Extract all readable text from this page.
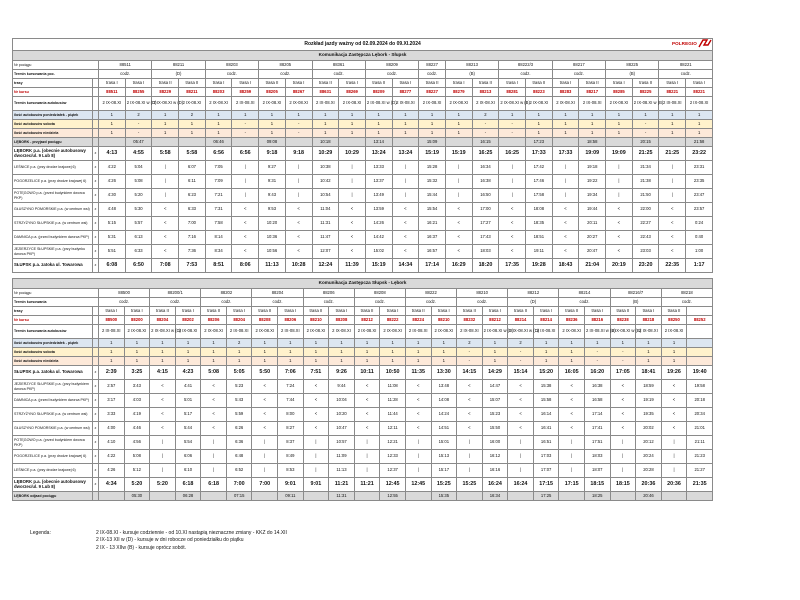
POLREGIO
Rozkład jazdy ważny od 02.09.2024 do 09.XI.2024																								
Komunikacja Zastępcza Lębork - Słupsk																								
Nr pociągu		88511		88211		88203		88205		88361		88209		88227	88213		88222/3		88217		88225		88221	
Termin kursowania poc.		codz.		(D)		codz.		codz.		codz.		codz.		codz.	(B)		codz.		codz.		(B)		codz.	
trasy		trasa I	trasa I	trasa II	trasa II	trasa I	trasa I	trasa II	trasa I	trasa II	trasa I	trasa II	trasa I	trasa II	trasa I	trasa II	trasa I	trasa II	trasa I	trasa II	trasa I	trasa II	trasa I	trasa I
Nr kursu		88511	88255	88229	88211	88203	88259	88205	88267	88631	88269	88209	88277	88227	88279	88213	88281	88223	88283	88217	88285	88225	88221	88221
Termin kursowania autobusów		2 IX-08.XI	2 IX-08.XI w (D)	2 IX-08.XI w (D)	2 IX-08.XI	2 IX-08.XI	2 IX-08.XI	2 IX-08.XI	2 IX-08.XI	2 IX-08.XI	2 IX-08.XI	2 IX-08.XI w (D)	2 IX-08.XI	2 IX-08.XI	2 IX-08.XI	2 IX-08.XI	2 IX-08.XI w (B)	2 IX-08.XI	2 IX-08.XI	2 IX-08.XI	2 IX-08.XI	2 IX-08.XI w (B)	2 IX-08.XI	2 IX-08.XI
ilość autobusów poniedziałek - piątek		1	2	1	2	1	1	1	1	1	1	1	1	1	1	2	1	1	1	1	1	1	1	1
ilość autobusów sobota		1	-	1	1	1	-	1	-	1	1	1	1	1	1	-	-	1	1	1	1	-	1	1
ilość autobusów niedziela		1	-	1	1	1	-	1	-	1	1	1	1	1	1	-	-	1	1	1	1	-	1	1
LĘBORK - przyjazd pociągu			05:47			06:46		09:08		10:18		13:14		15:09		16:15		17:23		18:58		20:15		21:58
LĘBORK p.a. (obecnie autobusowy dworzec/ul. 9 Lub 8)	z	4:13	4:55	5:58	5:58	6:56	6:56	9:18	9:18	10:29	10:29	13:24	13:24	15:19	15:19	16:25	16:25	17:33	17:33	19:09	19:09	21:25	21:25	23:22
LEŚNICE p.a. (przy drodze krajowej 6)	z	4:22	5:04	|	6:07	7:05	|	9:27	|	10:38	|	13:33	|	15:28	|	16:34	|	17:42	|	19:18	|	21:34	|	23:31
POGORZELICE p.a. (przy drodze krajowej 6)	z	4:26	5:08	|	6:11	7:09	|	9:31	|	10:42	|	13:37	|	15:32	|	16:38	|	17:46	|	19:22	|	21:38	|	23:35
POTĘGOWO p.a. (przed budynkiem dworca PKP)	z	4:30	5:20	|	6:23	7:21	|	9:43	|	10:54	|	13:49	|	15:44	|	16:50	|	17:58	|	19:34	|	21:50	|	23:47
GŁUSZYNO POMORSKIE p.a. (w centrum wsi)	z	4:48	5:30	<	6:33	7:31	<	9:53	<	11:04	<	13:59	<	15:54	<	17:00	<	18:08	<	19:44	<	22:00	<	23:57
STRZYŻYNO SŁUPSKIE p.a. (w centrum wsi)	z	5:15	5:57	<	7:00	7:58	<	10:20	<	11:31	<	14:26	<	16:21	<	17:27	<	18:35	<	20:11	<	22:27	<	0:24
DAMNICA p.a. (przed budynkiem dworca PKP)	z	5:31	6:13	<	7:16	8:14	<	10:36	<	11:47	<	14:42	<	16:37	<	17:43	<	18:51	<	20:27	<	22:43	<	0:40
JEZIERZYCE SŁUPSKIE p.a. (przy budynku dworca PKP)	z	5:51	6:33	<	7:36	8:34	<	10:56	<	12:07	<	15:02	<	16:57	<	18:03	<	19:11	<	20:47	<	23:03	<	1:00
SŁUPSK p.a. zatoka ul. Towarowa	z	6:08	6:50	7:08	7:53	8:51	8:06	11:13	10:28	12:24	11:39	15:19	14:34	17:14	16:29	18:20	17:35	19:28	18:43	21:04	20:19	23:20	22:35	1:17
Komunikacja Zastępcza Słupsk - Lębork																									
Nr pociągu		88500		88200/1		88202		88204		88206		88208		88222		88210		88212		88214		88216/7		88218	
Termin kursowania		codz.		codz.		codz.		codz.		codz.		codz.		codz.		codz.		(D)		codz.		(B)		codz.	
trasy		trasa I	trasa I	trasa II	trasa I	trasa II	trasa I	trasa II	trasa I	trasa II	trasa I	trasa II	trasa I	trasa II	trasa I	trasa II	trasa I	trasa II	trasa I	trasa II	trasa I	trasa II	trasa I	trasa II	
Nr kursu		88500	88200	88204	88202	88206	88204	88208	88206	88210	88208	88212	88222	88224	88210	88232	88212	88214	88214	88236	88216	88238	88218	88250	88252
Termin kursowania autobusów		2 IX-08.XI	2 IX-08.XI	2 IX-08.XI w (D)	2 IX-08.XI	2 IX-08.XI	2 IX-08.XI	2 IX-08.XI	2 IX-08.XI	2 IX-08.XI	2 IX-08.XI	2 IX-08.XI	2 IX-08.XI	2 IX-08.XI	2 IX-08.XI	2 IX-08.XI	2 IX-08.XI w (D)	2 IX-08.XI w (D)	2 IX-08.XI	2 IX-08.XI	2 IX-08.XI w (B)	2 IX-08.XI w (B)	2 IX-08.XI	2 IX-08.XI	
ilość autobusów poniedziałek - piątek		1	1	1	1	1	2	1	1	1	1	1	1	1	1	2	1	2	1	1	1	1	1	1	
ilość autobusów sobota		1	1	1	1	1	1	1	1	1	1	1	1	1	1	-	1	-	1	1	-	-	1	1	
ilość autobusów niedziela		1	1	1	1	1	1	1	1	1	1	1	1	1	1	-	1	-	1	1	-	-	1	1	
SŁUPSK p.a. zatoka ul. Towarowa	z	2:39	3:25	4:15	4:23	5:08	5:05	5:50	7:06	7:51	9:26	10:11	10:50	11:35	13:30	14:15	14:29	15:14	15:20	16:05	16:20	17:05	18:41	19:26	19:40
JEZIERZYCE SŁUPSKIE p.a. (przy budynkiem dworca PKP)	z	2:57	3:43	<	4:41	<	5:23	<	7:24	<	9:44	<	11:08	<	13:48	<	14:47	<	15:38	<	16:38	<	18:59	<	19:58
DAMNICA p.a. (przed budynkiem dworca PKP)	z	3:17	4:03	<	5:01	<	5:43	<	7:44	<	10:04	<	11:28	<	14:08	<	15:07	<	15:58	<	16:58	<	19:19	<	20:18
STRZYŻYNO SŁUPSKIE p.a. (w centrum wsi)	z	3:33	4:19	<	5:17	<	5:59	<	8:00	<	10:20	<	11:44	<	14:24	<	15:23	<	16:14	<	17:14	<	19:35	<	20:34
GŁUSZYNO POMORSKIE p.a. (w centrum wsi)	z	4:00	4:46	<	5:44	<	6:26	<	8:27	<	10:47	<	12:11	<	14:51	<	15:50	<	16:41	<	17:41	<	20:02	<	21:01
POTĘGOWO p.a. (przed budynkiem dworca PKP)	z	4:10	4:56	|	5:54	|	6:36	|	8:37	|	10:57	|	12:21	|	15:01	|	16:00	|	16:51	|	17:51	|	20:12	|	21:11
POGORZELICE p.a. (przy drodze krajowej 6)	z	4:22	5:08	|	6:06	|	6:48	|	8:49	|	11:09	|	12:33	|	15:13	|	16:12	|	17:03	|	18:03	|	20:24	|	21:23
LEŚNICE p.a. (przy drodze krajowej 6)	z	4:26	5:12	|	6:10	|	6:52	|	8:53	|	11:13	|	12:37	|	15:17	|	16:16	|	17:07	|	18:07	|	20:28	|	21:27
LĘBORK p.a. (obecnie autobusowy dworzec/ul. 9 Lub 8)	z	4:34	5:20	5:20	6:18	6:18	7:00	7:00	9:01	9:01	11:21	11:21	12:45	12:45	15:25	15:25	16:24	16:24	17:15	17:15	18:15	18:15	20:36	20:36	21:35
LĘBORK odjazd pociągu			05:30		06:28		07:15		09:11		11:31		12:55		15:35		16:34		17:25		18:25		20:46		
Legenda:	2 IX-08.XI - kursuje codziennie - od 10.XI nastąpią nieznaczne zmiany - KKZ do 14.XII
2 IX-13 XII w (D) - kursuje w dni robocze od poniedziałku do piątku
2 IX - 13 XIIw (B) - kursuje oprócz sobót.
